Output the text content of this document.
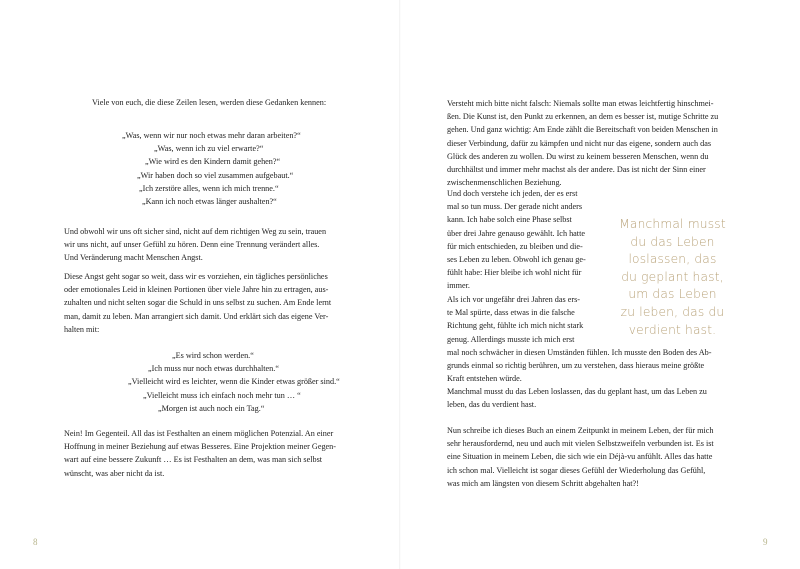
Viele von euch, die diese Zeilen lesen, werden diese Gedanken kennen:
„Was, wenn wir nur noch etwas mehr daran arbeiten?“
„Was, wenn ich zu viel erwarte?“
„Wie wird es den Kindern damit gehen?“
„Wir haben doch so viel zusammen aufgebaut.“
„Ich zerstöre alles, wenn ich mich trenne.“
„Kann ich noch etwas länger aushalten?“
Und obwohl wir uns oft sicher sind, nicht auf dem richtigen Weg zu sein, trauen
wir uns nicht, auf unser Gefühl zu hören. Denn eine Trennung verändert alles.
Und Veränderung macht Menschen Angst.
Diese Angst geht sogar so weit, dass wir es vorziehen, ein tägliches persönliches
oder emotionales Leid in kleinen Portionen über viele Jahre hin zu ertragen, aus-
zuhalten und nicht selten sogar die Schuld in uns selbst zu suchen. Am Ende lernt
man, damit zu leben. Man arrangiert sich damit. Und erklärt sich das eigene Ver-
halten mit:
„Es wird schon werden.“
„Ich muss nur noch etwas durchhalten.“
„Vielleicht wird es leichter, wenn die Kinder etwas größer sind.“
„Vielleicht muss ich einfach noch mehr tun … “
„Morgen ist auch noch ein Tag.“
Nein! Im Gegenteil. All das ist Festhalten an einem möglichen Potenzial. An einer
Hoffnung in meiner Beziehung auf etwas Besseres. Eine Projektion meiner Gegen-
wart auf eine bessere Zukunft … Es ist Festhalten an dem, was man sich selbst
wünscht, was aber nicht da ist.
8
Versteht mich bitte nicht falsch: Niemals sollte man etwas leichtfertig hinschmei-
ßen. Die Kunst ist, den Punkt zu erkennen, an dem es besser ist, mutige Schritte zu
gehen. Und ganz wichtig: Am Ende zählt die Bereitschaft von beiden Menschen in
dieser Verbindung, dafür zu kämpfen und nicht nur das eigene, sondern auch das
Glück des anderen zu wollen. Du wirst zu keinem besseren Menschen, wenn du
durchhältst und immer mehr machst als der andere. Das ist nicht der Sinn einer
zwischenmenschlichen Beziehung.
Und doch verstehe ich jeden, der es erst
mal so tun muss. Der gerade nicht anders
kann. Ich habe solch eine Phase selbst
über drei Jahre genauso gewählt. Ich hatte
für mich entschieden, zu bleiben und die-
ses Leben zu leben. Obwohl ich genau ge-
fühlt habe: Hier bleibe ich wohl nicht für
immer.
Als ich vor ungefähr drei Jahren das ers-
te Mal spürte, dass etwas in die falsche
Richtung geht, fühlte ich mich nicht stark
genug. Allerdings musste ich mich erst
mal noch schwächer in diesen Umständen fühlen. Ich musste den Boden des Ab-
grunds einmal so richtig berühren, um zu verstehen, dass hieraus meine größte
Kraft entstehen würde.
Manchmal musst du das Leben loslassen, das du geplant hast, um das Leben zu
leben, das du verdient hast.
Nun schreibe ich dieses Buch an einem Zeitpunkt in meinem Leben, der für mich
sehr herausfordernd, neu und auch mit vielen Selbstzweifeln verbunden ist. Es ist
eine Situation in meinem Leben, die sich wie ein Déjà-vu anfühlt. Alles das hatte
ich schon mal. Vielleicht ist sogar dieses Gefühl der Wiederholung das Gefühl,
was mich am längsten von diesem Schritt abgehalten hat?!
Manchmal musst
du das Leben
loslassen, das
du geplant hast,
um das Leben
zu leben, das du
verdient hast.
9
